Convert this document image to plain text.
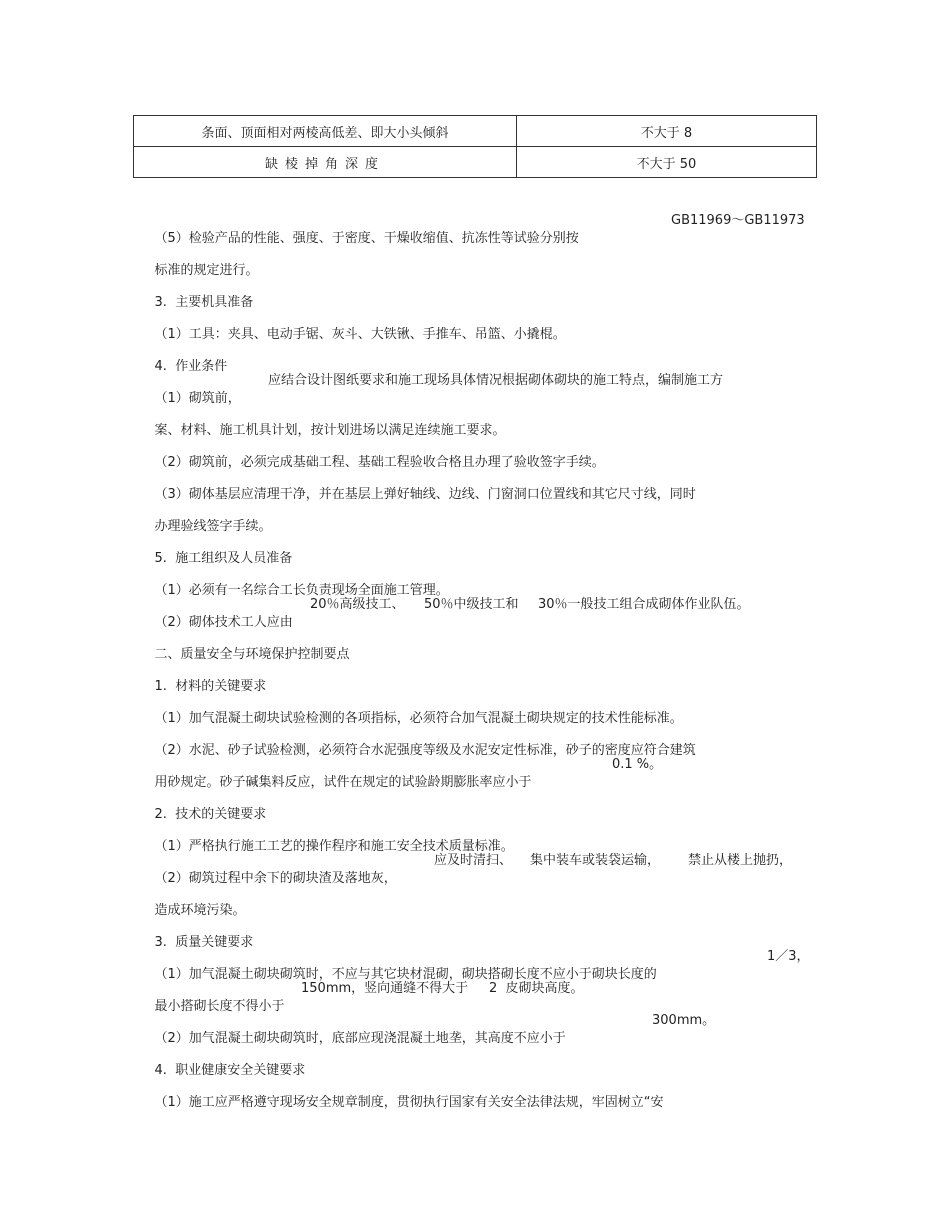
条面、顶面相对两棱高低差、即大小头倾斜	不大于 8
缺棱掉角深度	不大于 50

（5）检验产品的性能、强度、于密度、干燥收缩值、抗冻性等试验分别按

GB11969～GB11973

标准的规定进行。

3.  主要机具准备

（1）工具：夹具、电动手锯、灰斗、大铁锹、手推车、吊篮、小撬棍。

4.  作业条件

（1）砌筑前，

应结合设计图纸要求和施工现场具体情况根据砌体砌块的施工特点，编制施工方

案、材料、施工机具计划，按计划进场以满足连续施工要求。

（2）砌筑前，必须完成基础工程、基础工程验收合格且办理了验收签字手续。

（3）砌体基层应清理干净，并在基层上弹好轴线、边线、门窗洞口位置线和其它尺寸线，同时

办理验线签字手续。

5.  施工组织及人员准备

（1）必须有一名综合工长负责现场全面施工管理。

（2）砌体技术工人应由

20％高级技工、

50％中级技工和

30％一般技工组合成砌体作业队伍。

二、质量安全与环境保护控制要点

1.  材料的关键要求

（1）加气混凝土砌块试验检测的各项指标，必须符合加气混凝土砌块规定的技术性能标准。

（2）水泥、砂子试验检测，必须符合水泥强度等级及水泥安定性标准，砂子的密度应符合建筑

用砂规定。砂子碱集料反应，试件在规定的试验龄期膨胀率应小于

0.1 %。

2.  技术的关键要求

（1）严格执行施工工艺的操作程序和施工安全技术质量标准。

（2）砌筑过程中余下的砌块渣及落地灰，

应及时清扫、

集中装车或装袋运输，

禁止从楼上抛扔，

造成环境污染。

3.  质量关键要求

（1）加气混凝土砌块砌筑时，不应与其它块材混砌，砌块搭砌长度不应小于砌块长度的

1／3，

最小搭砌长度不得小于

150mm，竖向通缝不得大于

2  皮砌块高度。

（2）加气混凝土砌块砌筑时，底部应现浇混凝土地垄，其高度不应小于

300mm。

4.  职业健康安全关键要求

（1）施工应严格遵守现场安全规章制度，贯彻执行国家有关安全法律法规，牢固树立“安
